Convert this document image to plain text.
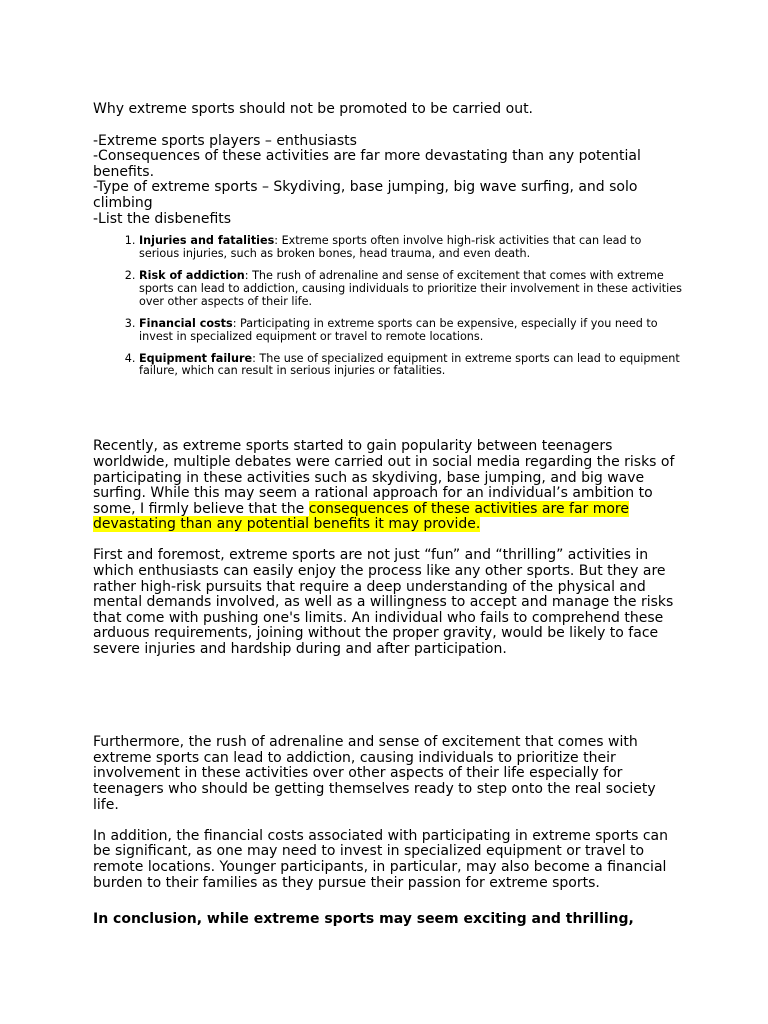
Why extreme sports should not be promoted to be carried out.

-Extreme sports players – enthusiasts

-Consequences of these activities are far more devastating than any potential benefits.

-Type of extreme sports – Skydiving, base jumping, big wave surfing, and solo climbing

-List the disbenefits

1. Injuries and fatalities: Extreme sports often involve high-risk activities that can lead to serious injuries, such as broken bones, head trauma, and even death.
2. Risk of addiction: The rush of adrenaline and sense of excitement that comes with extreme sports can lead to addiction, causing individuals to prioritize their involvement in these activities over other aspects of their life.
3. Financial costs: Participating in extreme sports can be expensive, especially if you need to invest in specialized equipment or travel to remote locations.
4. Equipment failure: The use of specialized equipment in extreme sports can lead to equipment failure, which can result in serious injuries or fatalities.

Recently, as extreme sports started to gain popularity between teenagers worldwide, multiple debates were carried out in social media regarding the risks of participating in these activities such as skydiving, base jumping, and big wave surfing. While this may seem a rational approach for an individual’s ambition to some, I firmly believe that the consequences of these activities are far more devastating than any potential benefits it may provide.

First and foremost, extreme sports are not just “fun” and “thrilling” activities in which enthusiasts can easily enjoy the process like any other sports. But they are rather high-risk pursuits that require a deep understanding of the physical and mental demands involved, as well as a willingness to accept and manage the risks that come with pushing one's limits. An individual who fails to comprehend these arduous requirements, joining without the proper gravity, would be likely to face severe injuries and hardship during and after participation.

Furthermore, the rush of adrenaline and sense of excitement that comes with extreme sports can lead to addiction, causing individuals to prioritize their involvement in these activities over other aspects of their life especially for teenagers who should be getting themselves ready to step onto the real society life.

In addition, the financial costs associated with participating in extreme sports can be significant, as one may need to invest in specialized equipment or travel to remote locations. Younger participants, in particular, may also become a financial burden to their families as they pursue their passion for extreme sports.

In conclusion, while extreme sports may seem exciting and thrilling,
